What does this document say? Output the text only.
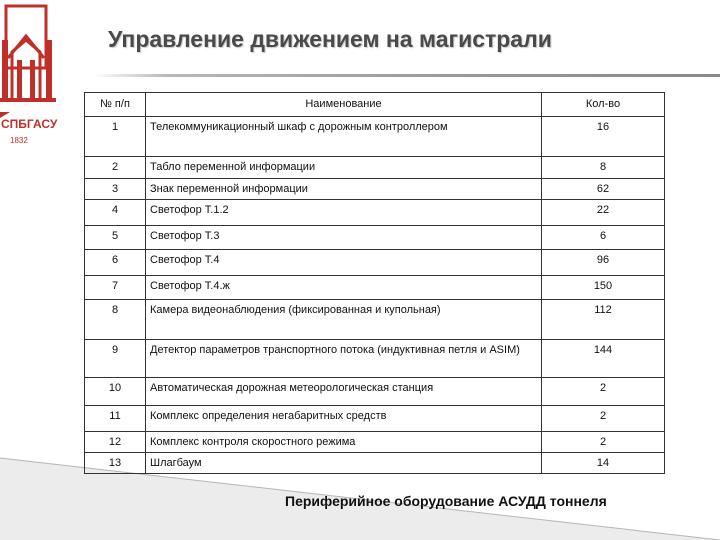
СПБГАСУ
1832
Управление движением на магистрали
№ п/п	Наименование	Кол-во
1	Телекоммуникационный шкаф с дорожным контроллером	16
2	Табло переменной информации	8
3	Знак переменной информации	62
4	Светофор Т.1.2	22
5	Светофор Т.3	6
6	Светофор Т.4	96
7	Светофор Т.4.ж	150
8	Камера видеонаблюдения (фиксированная и купольная)	112
9	Детектор параметров транспортного потока (индуктивная петля и ASIM)	144
10	Автоматическая дорожная метеорологическая станция	2
11	Комплекс определения негабаритных средств	2
12	Комплекс контроля скоростного режима	2
13	Шлагбаум	14
Периферийное оборудование АСУДД тоннеля
